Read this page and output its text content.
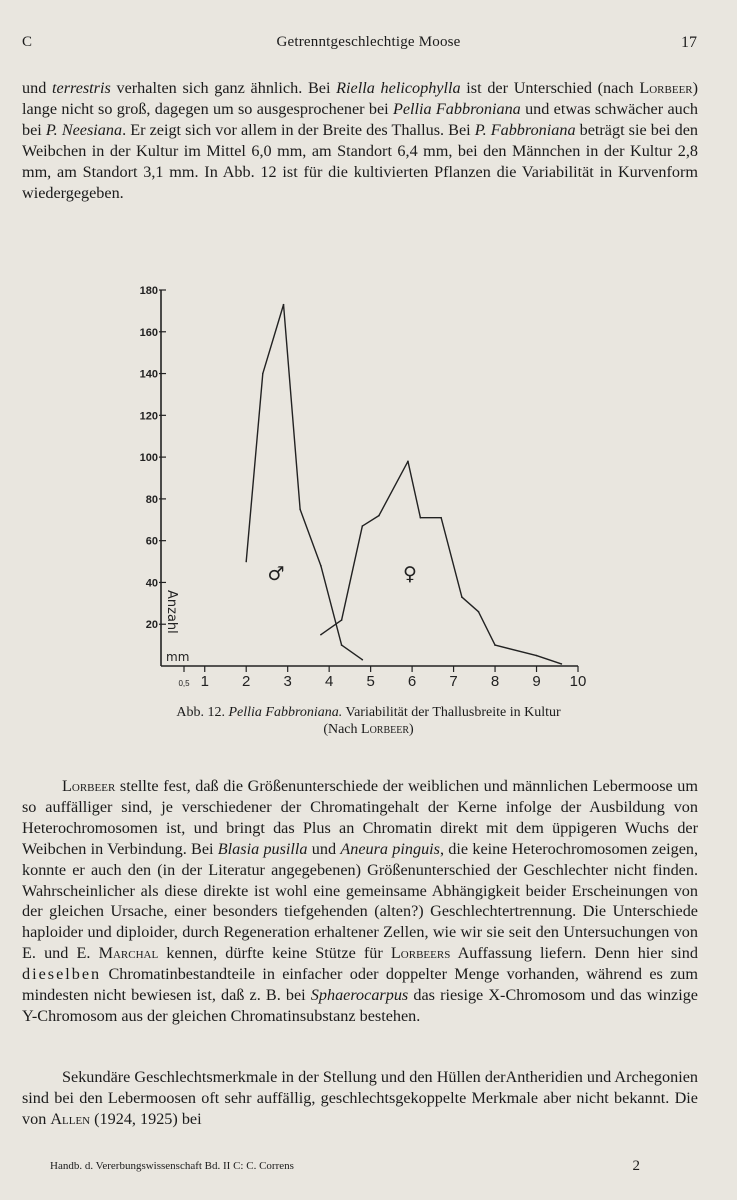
C	Getrenntgeschlechtige Moose	17

und terrestris verhalten sich ganz ähnlich. Bei Riella helicophylla ist der Unterschied (nach Lorbeer) lange nicht so groß, dagegen um so ausgesprochener bei Pellia Fabbroniana und etwas schwächer auch bei P. Neesiana. Er zeigt sich vor allem in der Breite des Thallus. Bei P. Fabbroniana beträgt sie bei den Weibchen in der Kultur im Mittel 6,0 mm, am Standort 6,4 mm, bei den Männchen in der Kultur 2,8 mm, am Standort 3,1 mm. In Abb. 12 ist für die kultivierten Pflanzen die Variabilität in Kurvenform wiedergegeben.

20
40
60
80
100
120
140
160
180
0,5 1 2 3 4 5 6 7 8 9 10
Anzahl
mm
♂	♀
Abb. 12. Pellia Fabbroniana. Variabilität der Thallusbreite in Kultur
(Nach Lorbeer)

Lorbeer stellte fest, daß die Größenunterschiede der weiblichen und männlichen Lebermoose um so auffälliger sind, je verschiedener der Chromatingehalt der Kerne infolge der Ausbildung von Heterochromosomen ist, und bringt das Plus an Chromatin direkt mit dem üppigeren Wuchs der Weibchen in Verbindung. Bei Blasia pusilla und Aneura pinguis, die keine Heterochromosomen zeigen, konnte er auch den (in der Literatur angegebenen) Größenunterschied der Geschlechter nicht finden. Wahrscheinlicher als diese direkte ist wohl eine gemeinsame Abhängigkeit beider Erscheinungen von der gleichen Ursache, einer besonders tiefgehenden (alten?) Geschlechtertrennung. Die Unterschiede haploider und diploider, durch Regeneration erhaltener Zellen, wie wir sie seit den Untersuchungen von E. und E. Marchal kennen, dürfte keine Stütze für Lorbeers Auffassung liefern. Denn hier sind dieselben Chromatinbestandteile in einfacher oder doppelter Menge vorhanden, während es zum mindesten nicht bewiesen ist, daß z. B. bei Sphaerocarpus das riesige X-Chromosom und das winzige Y-Chromosom aus der gleichen Chromatinsubstanz bestehen.

Sekundäre Geschlechtsmerkmale in der Stellung und den Hüllen derAntheridien und Archegonien sind bei den Lebermoosen oft sehr auffällig, geschlechtsgekoppelte Merkmale aber nicht bekannt. Die von Allen (1924, 1925) bei

Handb. d. Vererbungswissenschaft Bd. II C: C. Correns	2
